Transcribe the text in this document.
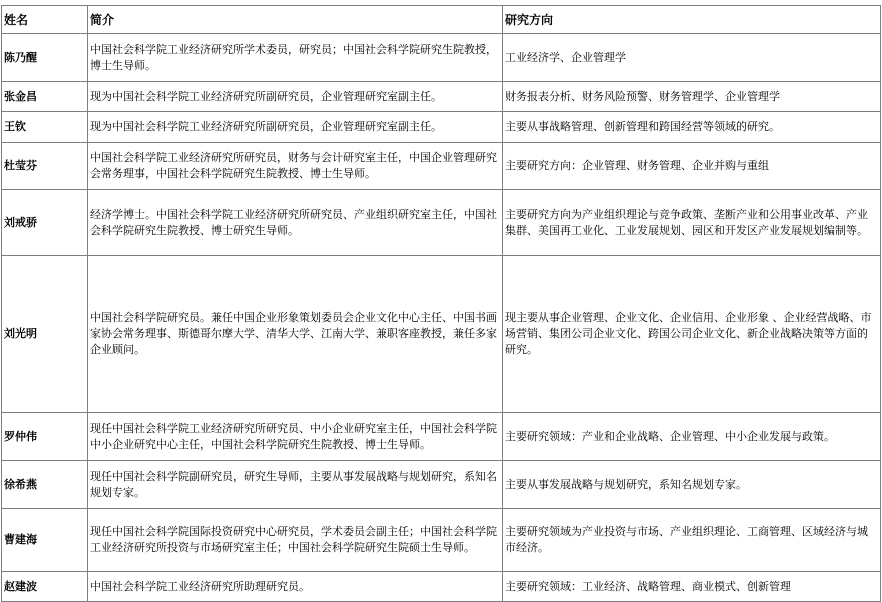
姓名	简介	研究方向
陈乃醒	中国社会科学院工业经济研究所学术委员，研究员；中国社会科学院研究生院教授，博士生导师。	工业经济学、企业管理学
张金昌	现为中国社会科学院工业经济研究所副研究员，企业管理研究室副主任。	财务报表分析、财务风险预警、财务管理学、企业管理学
王钦	现为中国社会科学院工业经济研究所副研究员，企业管理研究室副主任。	主要从事战略管理、创新管理和跨国经营等领域的研究。
杜莹芬	中国社会科学院工业经济研究所研究员，财务与会计研究室主任，中国企业管理研究会常务理事，中国社会科学院研究生院教授、博士生导师。	主要研究方向：企业管理、财务管理、企业并购与重组
刘戒骄	经济学博士。中国社会科学院工业经济研究所研究员、产业组织研究室主任，中国社会科学院研究生院教授、博士研究生导师。	主要研究方向为产业组织理论与竞争政策、垄断产业和公用事业改革、产业集群、美国再工业化、工业发展规划、园区和开发区产业发展规划编制等。
刘光明	中国社会科学院研究员。兼任中国企业形象策划委员会企业文化中心主任、中国书画家协会常务理事、斯德哥尔摩大学、清华大学、江南大学、兼职客座教授，兼任多家企业顾问。	现主要从事企业管理、企业文化、企业信用、企业形象 、企业经营战略、市场营销、集团公司企业文化、跨国公司企业文化、新企业战略决策等方面的研究。
罗仲伟	现任中国社会科学院工业经济研究所研究员、中小企业研究室主任，中国社会科学院中小企业研究中心主任，中国社会科学院研究生院教授、博士生导师。	主要研究领域：产业和企业战略、企业管理、中小企业发展与政策。
徐希燕	现任中国社会科学院副研究员，研究生导师，主要从事发展战略与规划研究，系知名规划专家。	主要从事发展战略与规划研究，系知名规划专家。
曹建海	现任中国社会科学院国际投资研究中心研究员，学术委员会副主任；中国社会科学院工业经济研究所投资与市场研究室主任；中国社会科学院研究生院硕士生导师。	主要研究领域为产业投资与市场、产业组织理论、工商管理、区域经济与城市经济。
赵建波	中国社会科学院工业经济研究所助理研究员。	主要研究领域：工业经济、战略管理、商业模式、创新管理
